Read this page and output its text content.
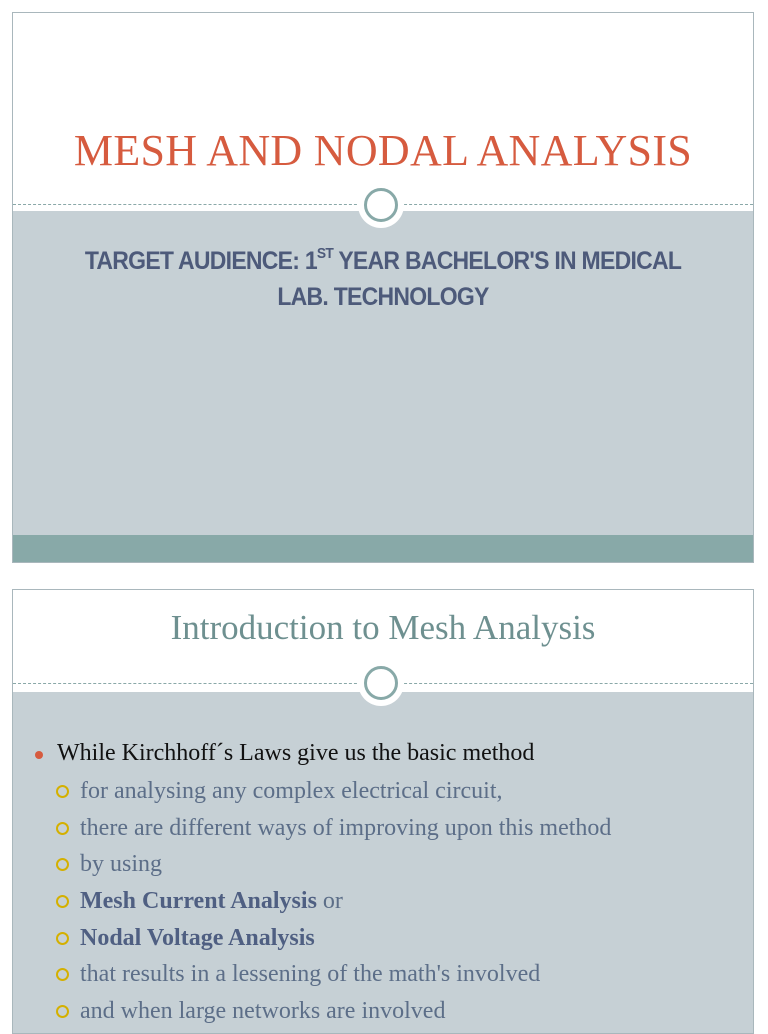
MESH AND NODAL ANALYSIS
TARGET AUDIENCE: 1ST YEAR BACHELOR'S IN MEDICAL
LAB. TECHNOLOGY
Introduction to Mesh Analysis
While Kirchhoff´s Laws give us the basic method
for analysing any complex electrical circuit,
there are different ways of improving upon this method
by using
Mesh Current Analysis or
Nodal Voltage Analysis
that results in a lessening of the math's involved
and when large networks are involved
